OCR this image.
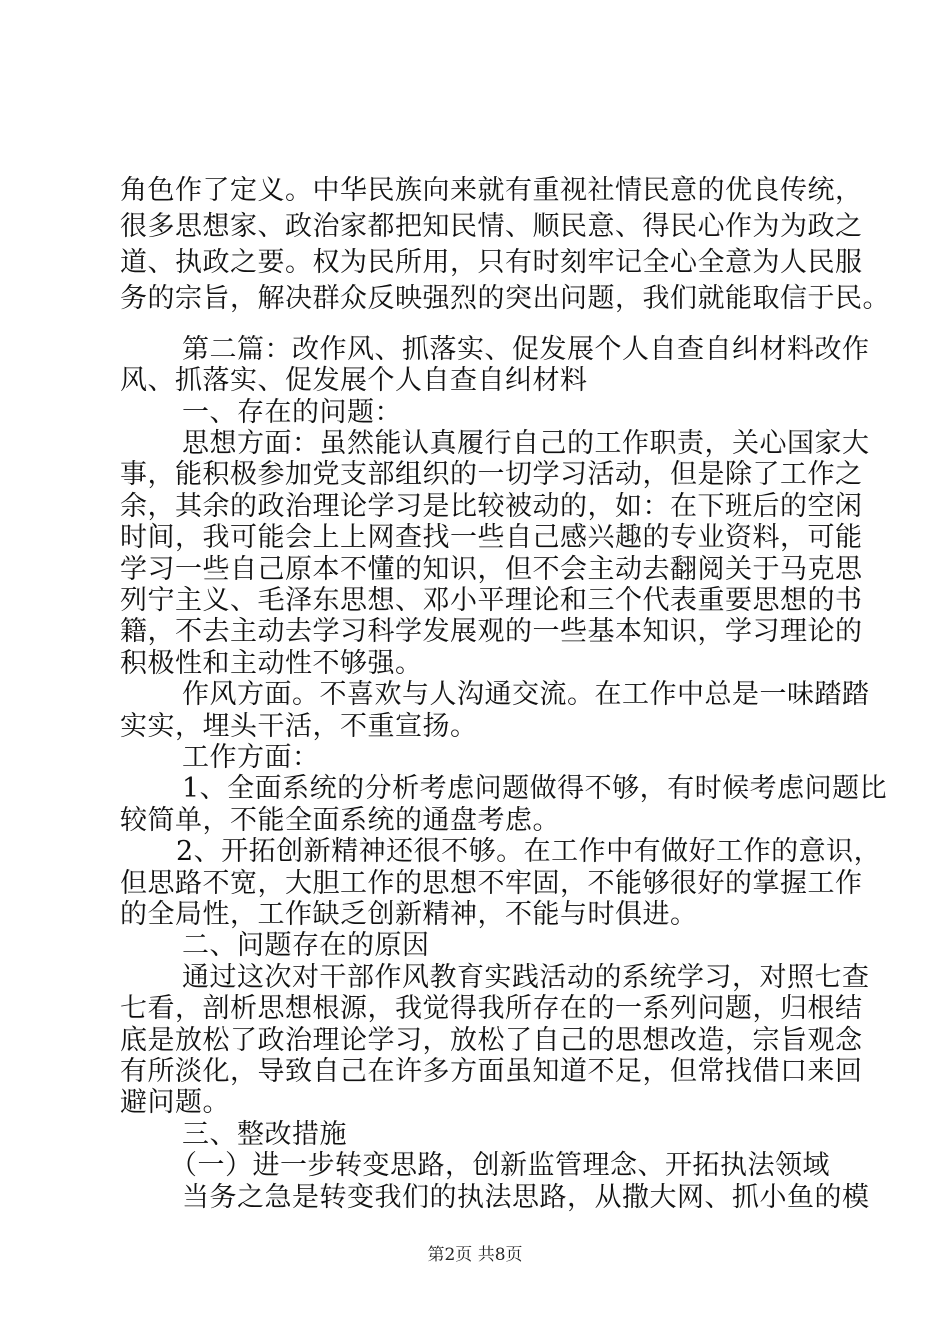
角色作了定义。中华民族向来就有重视社情民意的优良传统，
很多思想家、政治家都把知民情、顺民意、得民心作为为政之
道、执政之要。权为民所用，只有时刻牢记全心全意为人民服
务的宗旨，解决群众反映强烈的突出问题，我们就能取信于民。
第二篇：改作风、抓落实、促发展个人自查自纠材料改作
风、抓落实、促发展个人自查自纠材料
一、存在的问题：
思想方面：虽然能认真履行自己的工作职责，关心国家大
事，能积极参加党支部组织的一切学习活动，但是除了工作之
余，其余的政治理论学习是比较被动的，如：在下班后的空闲
时间，我可能会上上网查找一些自己感兴趣的专业资料，可能
学习一些自己原本不懂的知识，但不会主动去翻阅关于马克思
列宁主义、毛泽东思想、邓小平理论和三个代表重要思想的书
籍，不去主动去学习科学发展观的一些基本知识，学习理论的
积极性和主动性不够强。
作风方面。不喜欢与人沟通交流。在工作中总是一味踏踏
实实，埋头干活，不重宣扬。
工作方面：
1、全面系统的分析考虑问题做得不够，有时候考虑问题比
较简单，不能全面系统的通盘考虑。
2、开拓创新精神还很不够。在工作中有做好工作的意识，
但思路不宽，大胆工作的思想不牢固，不能够很好的掌握工作
的全局性，工作缺乏创新精神，不能与时俱进。
二、问题存在的原因
通过这次对干部作风教育实践活动的系统学习，对照七查
七看，剖析思想根源，我觉得我所存在的一系列问题，归根结
底是放松了政治理论学习，放松了自己的思想改造，宗旨观念
有所淡化，导致自己在许多方面虽知道不足，但常找借口来回
避问题。
三、整改措施
（一）进一步转变思路，创新监管理念、开拓执法领域
当务之急是转变我们的执法思路，从撒大网、抓小鱼的模
第2页 共8页
